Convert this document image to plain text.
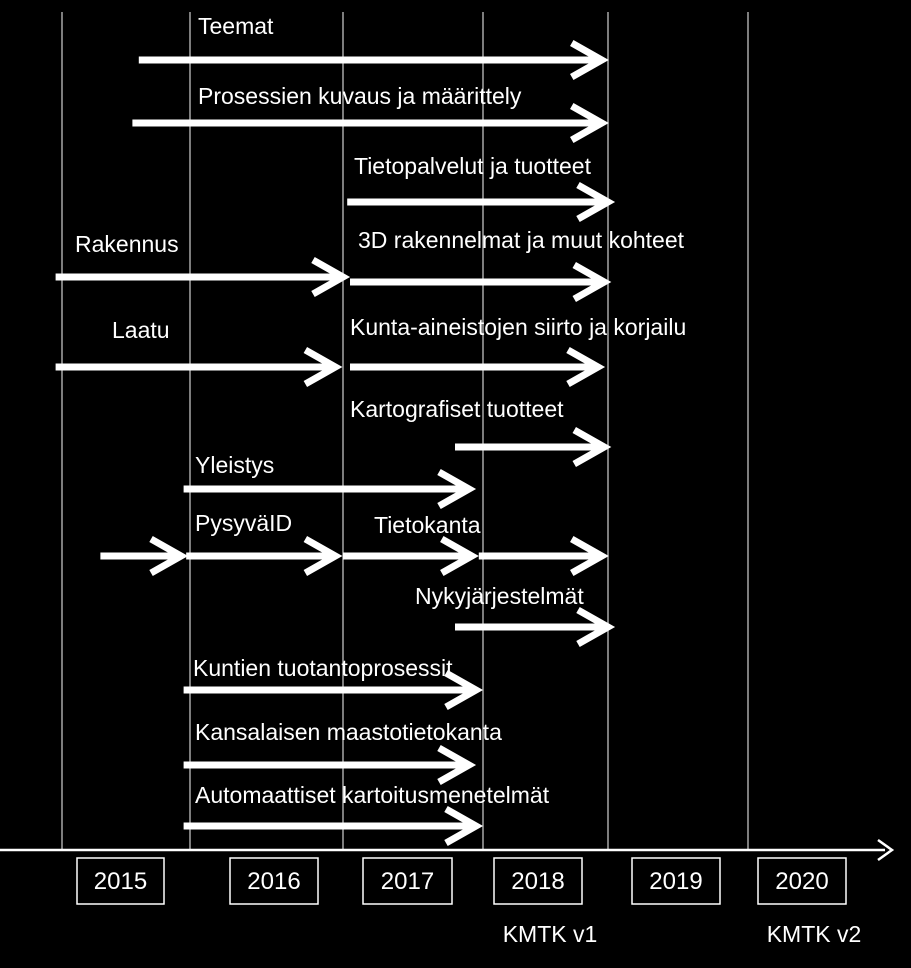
Teemat
Prosessien kuvaus ja määrittely
Tietopalvelut ja tuotteet
Rakennus	3D rakennelmat ja muut kohteet
Laatu	Kunta-aineistojen siirto ja korjailu
Kartografiset tuotteet
Yleistys
PysyväID	Tietokanta
Nykyjärjestelmät
Kuntien tuotantoprosessit
Kansalaisen maastotietokanta
Automaattiset kartoitusmenetelmät
2015	2016	2017	2018	2019	2020
KMTK v1	KMTK v2
